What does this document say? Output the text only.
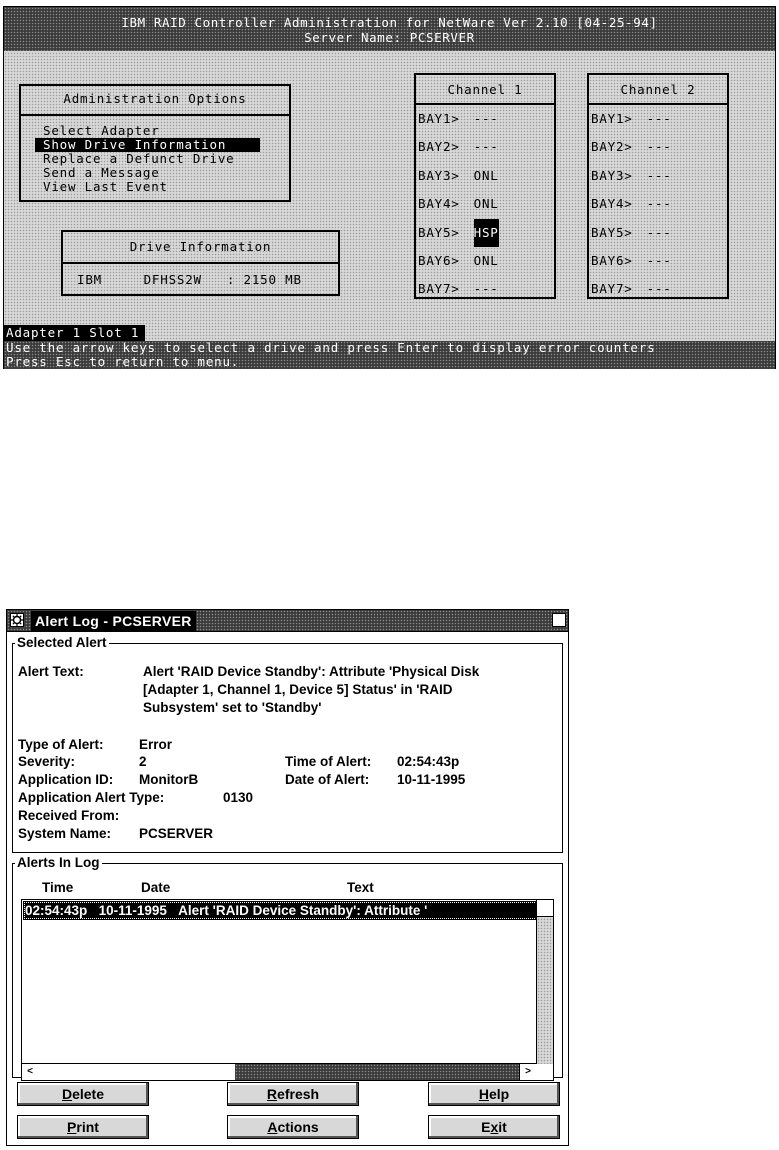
IBM RAID Controller Administration for NetWare Ver 2.10 [04-25-94]
Server Name: PCSERVER
Administration Options
Select Adapter
Show Drive Information
Replace a Defunct Drive
Send a Message
View Last Event
Drive Information
IBM     DFHSS2W   : 2150 MB
Channel 1
BAY1> ---
BAY2> ---
BAY3> ONL
BAY4> ONL
BAY5> HSP
BAY6> ONL
BAY7> ---
Channel 2
BAY1> ---
BAY2> ---
BAY3> ---
BAY4> ---
BAY5> ---
BAY6> ---
BAY7> ---
Adapter 1 Slot 1
Use the arrow keys to select a drive and press Enter to display error counters
Press Esc to return to menu.
Alert Log - PCSERVER	▫
Selected Alert
Alert Text:	Alert 'RAID Device Standby': Attribute 'Physical Disk
[Adapter 1, Channel 1, Device 5] Status' in 'RAID
Subsystem' set to 'Standby'
Type of Alert:	Error
Severity:	2	Time of Alert: 02:54:43p
Application ID: MonitorB	Date of Alert: 10-11-1995
Application Alert Type:	0130
Received From:
System Name: PCSERVER
Alerts In Log
Time	Date	Text
02:54:43p 10-11-1995 Alert 'RAID Device Standby': Attribute '
<	>
Delete	Refresh	Help
Print	Actions	Exit
